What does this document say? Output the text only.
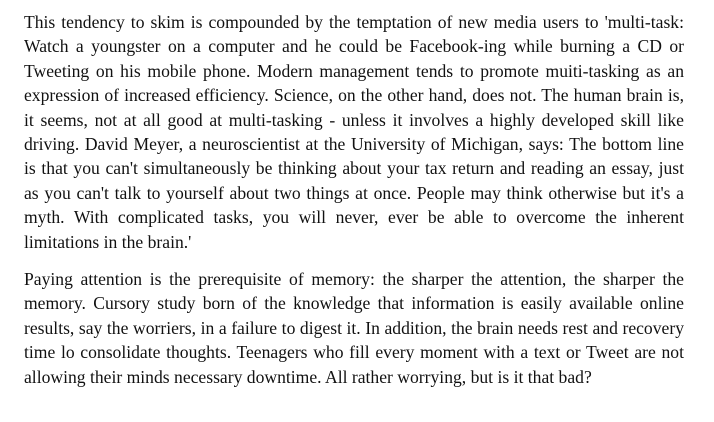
This tendency to skim is compounded by the temptation of new media users to 'multi-task: Watch a youngster on a computer and he could be Facebook-ing while burning a CD or Tweeting on his mobile phone. Modern management tends to promote muiti-tasking as an expression of increased efficiency. Science, on the other hand, does not. The human brain is, it seems, not at all good at multi-tasking - unless it involves a highly developed skill like driving. David Meyer, a neuroscientist at the University of Michigan, says: The bottom line is that you can't simultaneously be thinking about your tax return and reading an essay, just as you can't talk to yourself about two things at once. People may think otherwise but it's a myth. With complicated tasks, you will never, ever be able to overcome the inherent limitations in the brain.'

Paying attention is the prerequisite of memory: the sharper the attention, the sharper the memory. Cursory study born of the knowledge that information is easily available online results, say the worriers, in a failure to digest it. In addition, the brain needs rest and recovery time lo consolidate thoughts. Teenagers who fill every moment with a text or Tweet are not allowing their minds necessary downtime. All rather worrying, but is it that bad?
